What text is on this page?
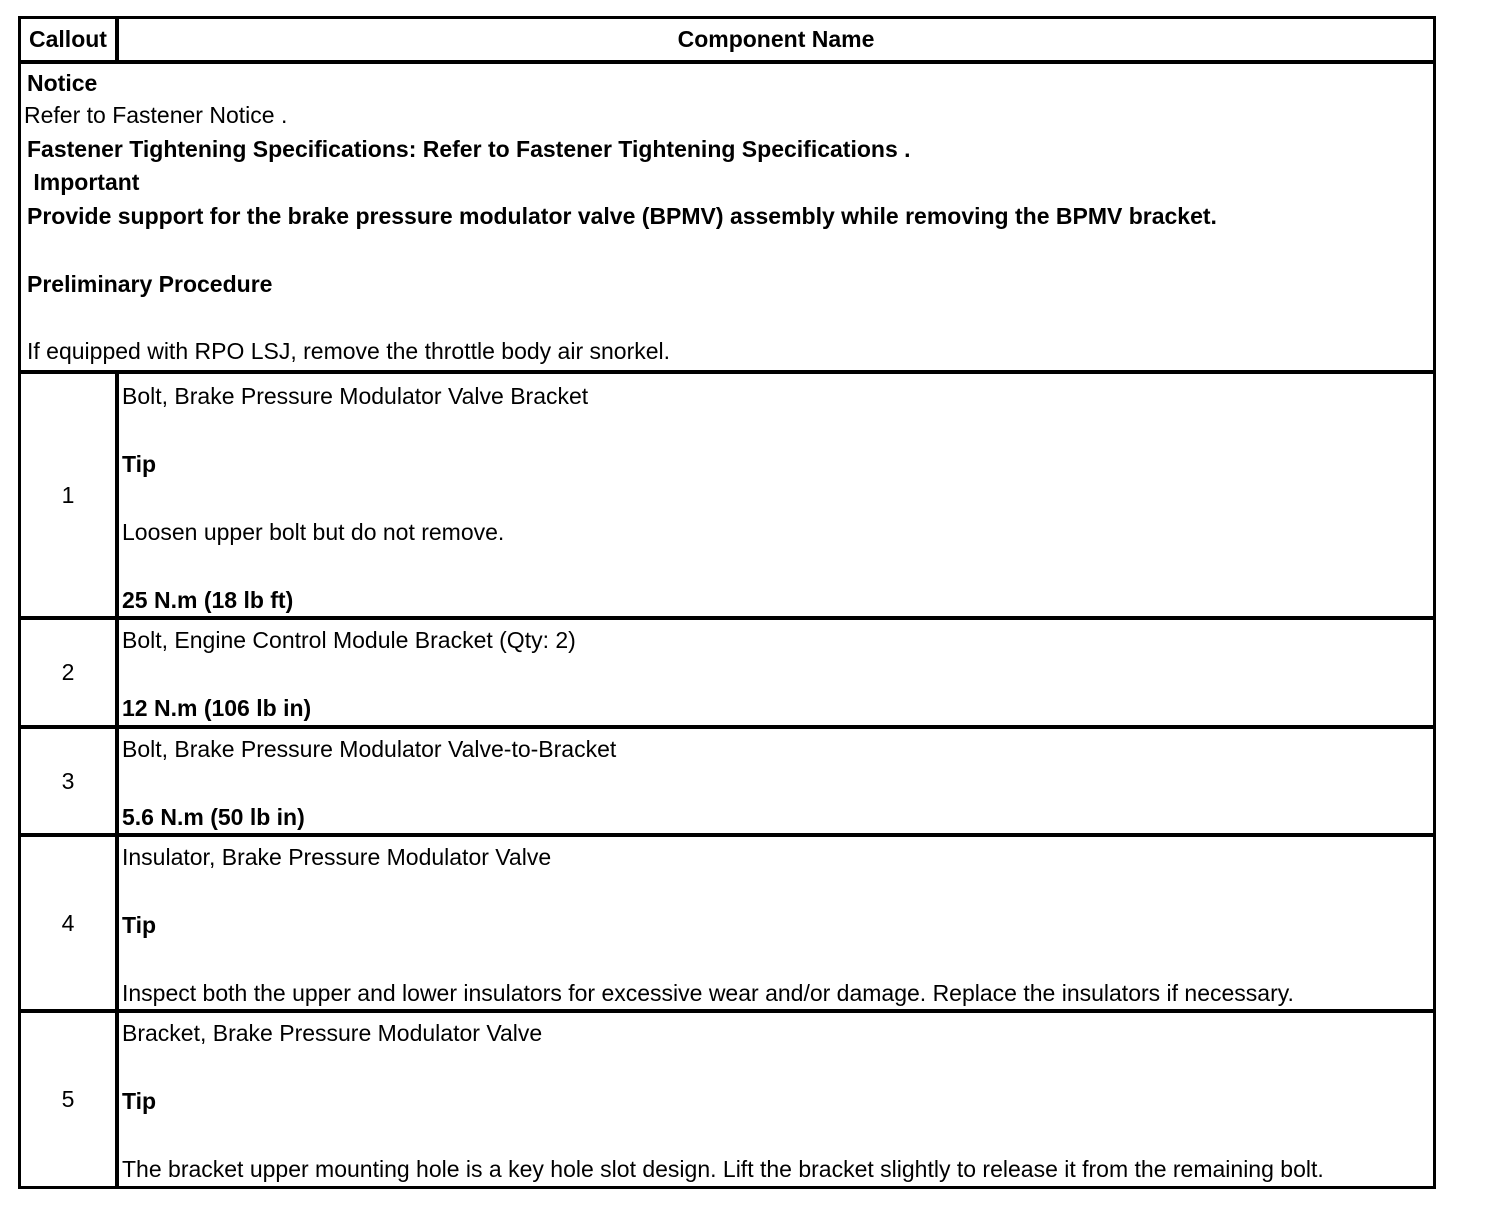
Callout	Component Name
Notice
Refer to Fastener Notice .
Fastener Tightening Specifications: Refer to Fastener Tightening Specifications .
Important
Provide support for the brake pressure modulator valve (BPMV) assembly while removing the BPMV bracket.
Preliminary Procedure
If equipped with RPO LSJ, remove the throttle body air snorkel.
1
Bolt, Brake Pressure Modulator Valve Bracket
Tip
Loosen upper bolt but do not remove.
25 N.m (18 lb ft)
2
Bolt, Engine Control Module Bracket (Qty: 2)
12 N.m (106 lb in)
3
Bolt, Brake Pressure Modulator Valve-to-Bracket
5.6 N.m (50 lb in)
4
Insulator, Brake Pressure Modulator Valve
Tip
Inspect both the upper and lower insulators for excessive wear and/or damage. Replace the insulators if necessary.
5
Bracket, Brake Pressure Modulator Valve
Tip
The bracket upper mounting hole is a key hole slot design. Lift the bracket slightly to release it from the remaining bolt.
